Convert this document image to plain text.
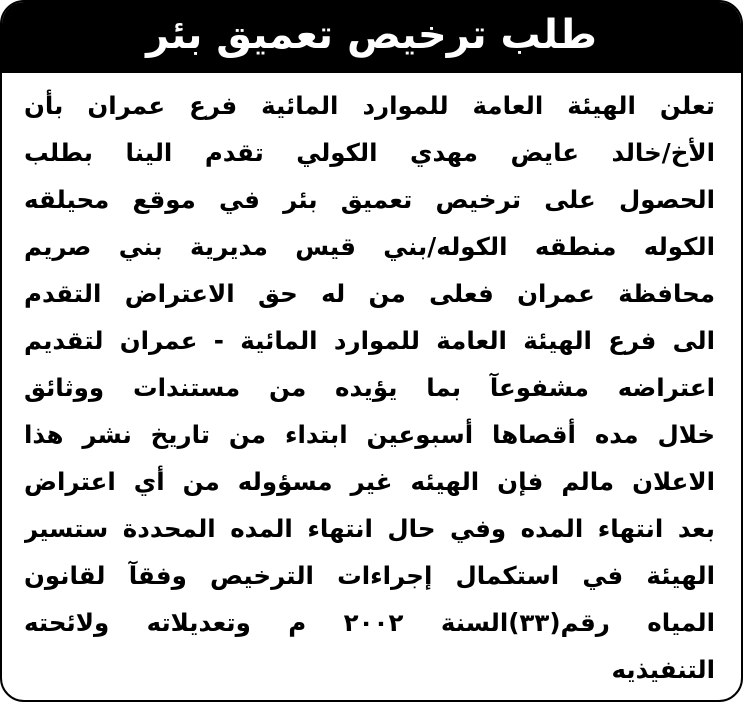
طلب ترخيص تعميق بئر
تعلن الهيئة العامة للموارد المائية فرع عمران بأن
الأخ/خالد عايض مهدي الكولي تقدم الينا بطلب
الحصول على ترخيص تعميق بئر في موقع محيلقه
الكوله منطقه الكوله/بني قيس مديرية بني صريم
محافظة عمران فعلى من له حق الاعتراض التقدم
الى فرع الهيئة العامة للموارد المائية - عمران لتقديم
اعتراضه مشفوعآ بما يؤيده من مستندات ووثائق
خلال مده أقصاها أسبوعين ابتداء من تاريخ نشر هذا
الاعلان مالم فإن الهيئه غير مسؤوله من أي اعتراض
بعد انتهاء المده وفي حال انتهاء المده المحددة ستسير
الهيئة في استكمال إجراءات الترخيص وفقآ لقانون
المياه رقم(٣٣)السنة ٢٠٠٢ م وتعديلاته ولائحته
التنفيذيه
